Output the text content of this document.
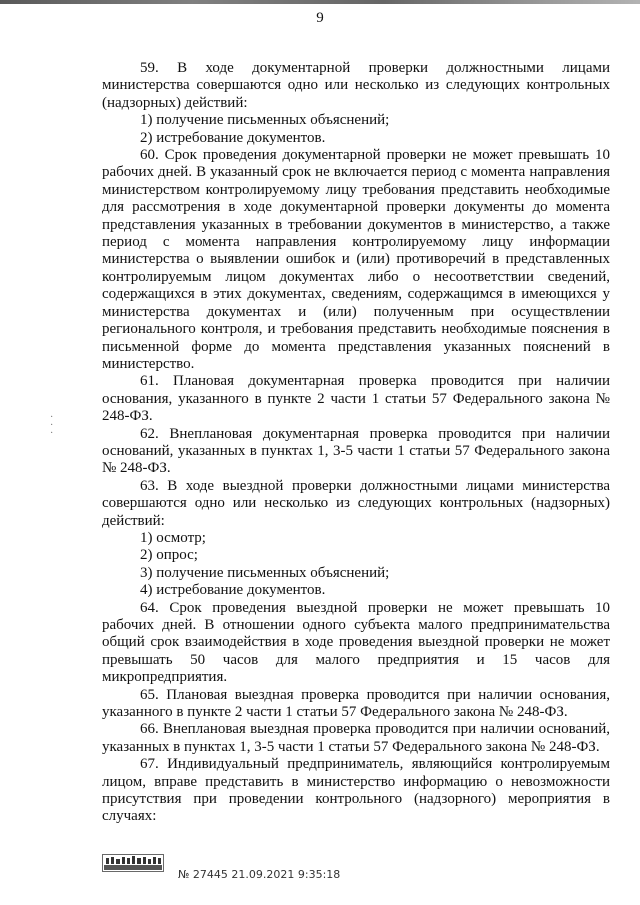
9
·
·
·

59. В ходе документарной проверки должностными лицами министерства совершаются одно или несколько из следующих контрольных (надзорных) действий:

1) получение письменных объяснений;

2) истребование документов.

60. Срок проведения документарной проверки не может превышать 10 рабочих дней. В указанный срок не включается период с момента направления министерством контролируемому лицу требования представить необходимые для рассмотрения в ходе документарной проверки документы до момента представления указанных в требовании документов в министерство, а также период с момента направления контролируемому лицу информации министерства о выявлении ошибок и (или) противоречий в представленных контролируемым лицом документах либо о несоответствии сведений, содержащихся в этих документах, сведениям, содержащимся в имеющихся у министерства документах и (или) полученным при осуществлении регионального контроля, и требования представить необходимые пояснения в письменной форме до момента представления указанных пояснений в министерство.

61. Плановая документарная проверка проводится при наличии основания, указанного в пункте 2 части 1 статьи 57 Федерального закона № 248-ФЗ.

62. Внеплановая документарная проверка проводится при наличии оснований, указанных в пунктах 1, 3-5 части 1 статьи 57 Федерального закона № 248-ФЗ.

63. В ходе выездной проверки должностными лицами министерства совершаются одно или несколько из следующих контрольных (надзорных) действий:

1) осмотр;

2) опрос;

3) получение письменных объяснений;

4) истребование документов.

64. Срок проведения выездной проверки не может превышать 10 рабочих дней. В отношении одного субъекта малого предпринимательства общий срок взаимодействия в ходе проведения выездной проверки не может превышать 50 часов для малого предприятия и 15 часов для микропредприятия.

65. Плановая выездная проверка проводится при наличии основания, указанного в пункте 2 части 1 статьи 57 Федерального закона № 248-ФЗ.

66. Внеплановая выездная проверка проводится при наличии оснований, указанных в пунктах 1, 3-5 части 1 статьи 57 Федерального закона № 248-ФЗ.

67. Индивидуальный предприниматель, являющийся контролируемым лицом, вправе представить в министерство информацию о невозможности присутствия при проведении контрольного (надзорного) мероприятия в случаях:

№ 27445 21.09.2021 9:35:18
